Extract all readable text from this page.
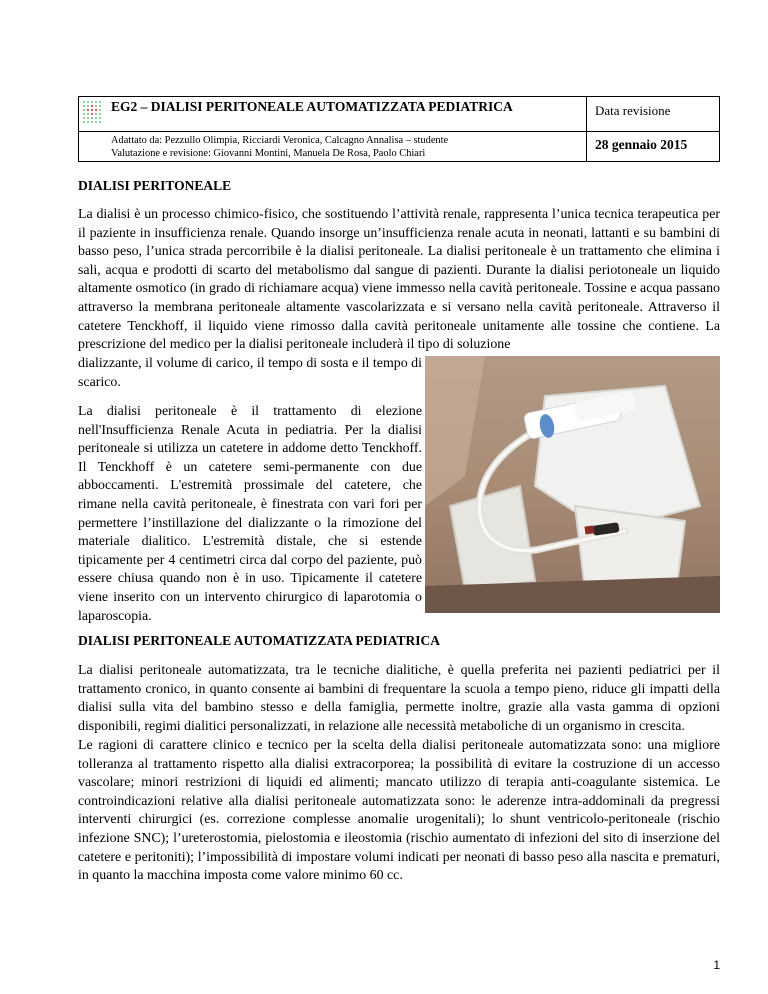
EG2 – DIALISI PERITONEALE AUTOMATIZZATA PEDIATRICA
Adattato da: Pezzullo Olimpia, Ricciardi Veronica, Calcagno Annalisa – studente
Valutazione e revisione: Giovanni Montini, Manuela De Rosa, Paolo Chiari
Data revisione
28 gennaio 2015
DIALISI PERITONEALE

La dialisi è un processo chimico-fisico, che sostituendo l’attività renale, rappresenta l’unica tecnica terapeutica per il paziente in insufficienza renale. Quando insorge un’insufficienza renale acuta in neonati, lattanti e su bambini di basso peso, l’unica strada percorribile è la dialisi peritoneale. La dialisi peritoneale è un trattamento che elimina i sali, acqua e prodotti di scarto del metabolismo dal sangue di pazienti. Durante la dialisi periotoneale un liquido altamente osmotico (in grado di richiamare acqua) viene immesso nella cavità peritoneale. Tossine e acqua passano attraverso la membrana peritoneale altamente vascolarizzata e si versano nella cavità peritoneale. Attraverso il catetere Tenckhoff, il liquido viene rimosso dalla cavità peritoneale unitamente alle tossine che contiene. La prescrizione del medico per la dialisi peritoneale includerà il tipo di soluzione

dializzante, il volume di carico, il tempo di sosta e il tempo di scarico.

La dialisi peritoneale è il trattamento di elezione nell'Insufficienza Renale Acuta in pediatria. Per la dialisi peritoneale si utilizza un catetere in addome detto Tenckhoff. Il Tenckhoff è un catetere semi-permanente con due abboccamenti. L'estremità prossimale del catetere, che rimane nella cavità peritoneale, è finestrata con vari fori per permettere l’instillazione del dializzante o la rimozione del materiale dialitico. L'estremità distale, che si estende tipicamente per 4 centimetri circa dal corpo del paziente, può essere chiusa quando non è in uso. Tipicamente il catetere viene inserito con un intervento chirurgico di laparotomia o laparoscopia.

DIALISI PERITONEALE AUTOMATIZZATA PEDIATRICA

La dialisi peritoneale automatizzata, tra le tecniche dialitiche, è quella preferita nei pazienti pediatrici per il trattamento cronico, in quanto consente ai bambini di frequentare la scuola a tempo pieno, riduce gli impatti della dialisi sulla vita del bambino stesso e della famiglia, permette inoltre, grazie alla vasta gamma di opzioni disponibili, regimi dialitici personalizzati, in relazione alle necessità metaboliche di un organismo in crescita.

Le ragioni di carattere clinico e tecnico per la scelta della dialisi peritoneale automatizzata sono: una migliore tolleranza al trattamento rispetto alla dialisi extracorporea; la possibilità di evitare la costruzione di un accesso vascolare; minori restrizioni di liquidi ed alimenti; mancato utilizzo di terapia anti-coagulante sistemica. Le controindicazioni relative alla dialisi peritoneale automatizzata sono: le aderenze intra-addominali da pregressi interventi chirurgici (es. correzione complesse anomalie urogenitali); lo shunt ventricolo-peritoneale (rischio infezione SNC); l’ureterostomia, pielostomia e ileostomia (rischio aumentato di infezioni del sito di inserzione del catetere e peritoniti); l’impossibilità di impostare volumi indicati per neonati di basso peso alla nascita e prematuri, in quanto la macchina imposta come valore minimo 60 cc.

1
